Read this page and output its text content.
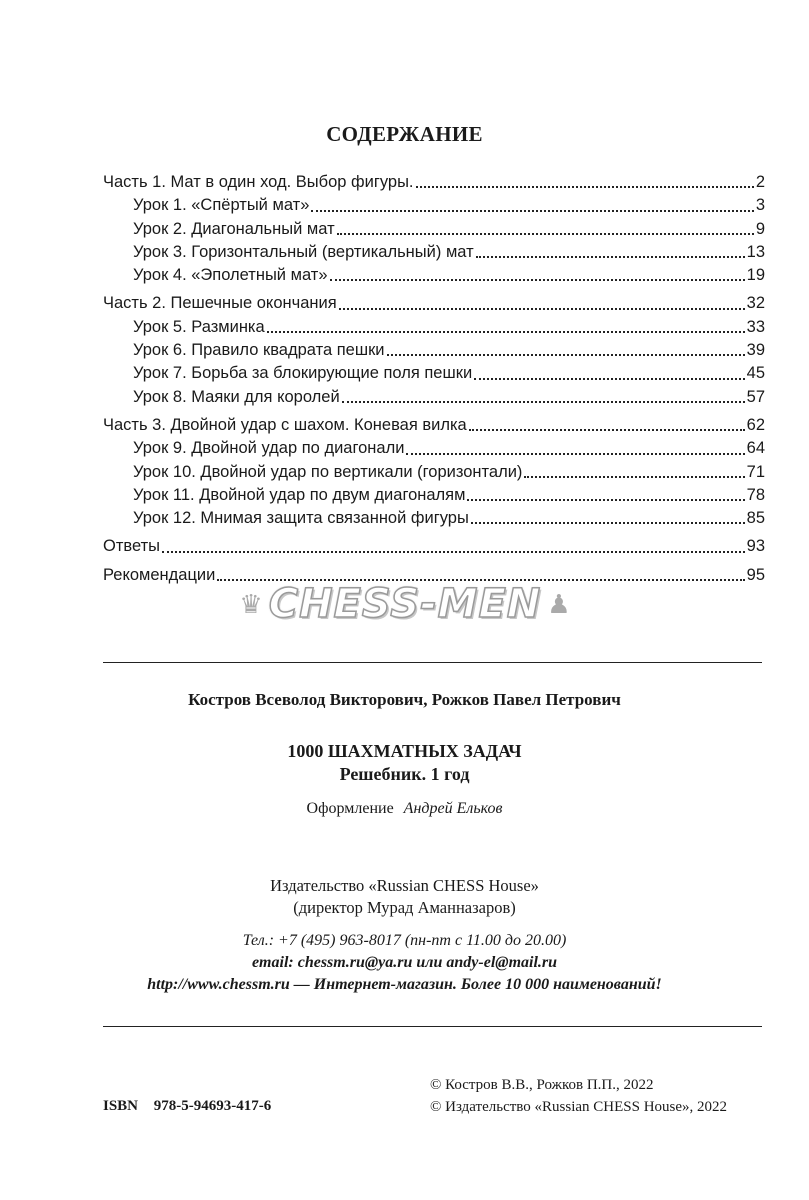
СОДЕРЖАНИЕ
Часть 1. Мат в один ход. Выбор фигуры.	2
Урок 1. «Спёртый мат»	3
Урок 2. Диагональный мат	9
Урок 3. Горизонтальный (вертикальный) мат	13
Урок 4. «Эполетный мат»	19
Часть 2. Пешечные окончания	32
Урок 5. Разминка	33
Урок 6. Правило квадрата пешки	39
Урок 7. Борьба за блокирующие поля пешки	45
Урок 8. Маяки для королей	57
Часть 3. Двойной удар с шахом. Коневая вилка	62
Урок 9. Двойной удар по диагонали	64
Урок 10. Двойной удар по вертикали (горизонтали)	71
Урок 11. Двойной удар по двум диагоналям	78
Урок 12. Мнимая защита связанной фигуры	85
Ответы	93
Рекомендации	95
♛ CHESS-MEN ♟
Костров Всеволод Викторович, Рожков Павел Петрович
1000 ШАХМАТНЫХ ЗАДАЧ
Решебник. 1 год
Оформление Андрей Ельков
Издательство «Russian CHESS House»
(директор Мурад Аманназаров)
Тел.: +7 (495) 963-8017 (пн-пт с 11.00 до 20.00)
email: chessm.ru@ya.ru или andy-el@mail.ru
http://www.chessm.ru — Интернет-магазин. Более 10 000 наименований!
ISBN 978-5-94693-417-6
© Костров В.В., Рожков П.П., 2022
© Издательство «Russian CHESS House», 2022
